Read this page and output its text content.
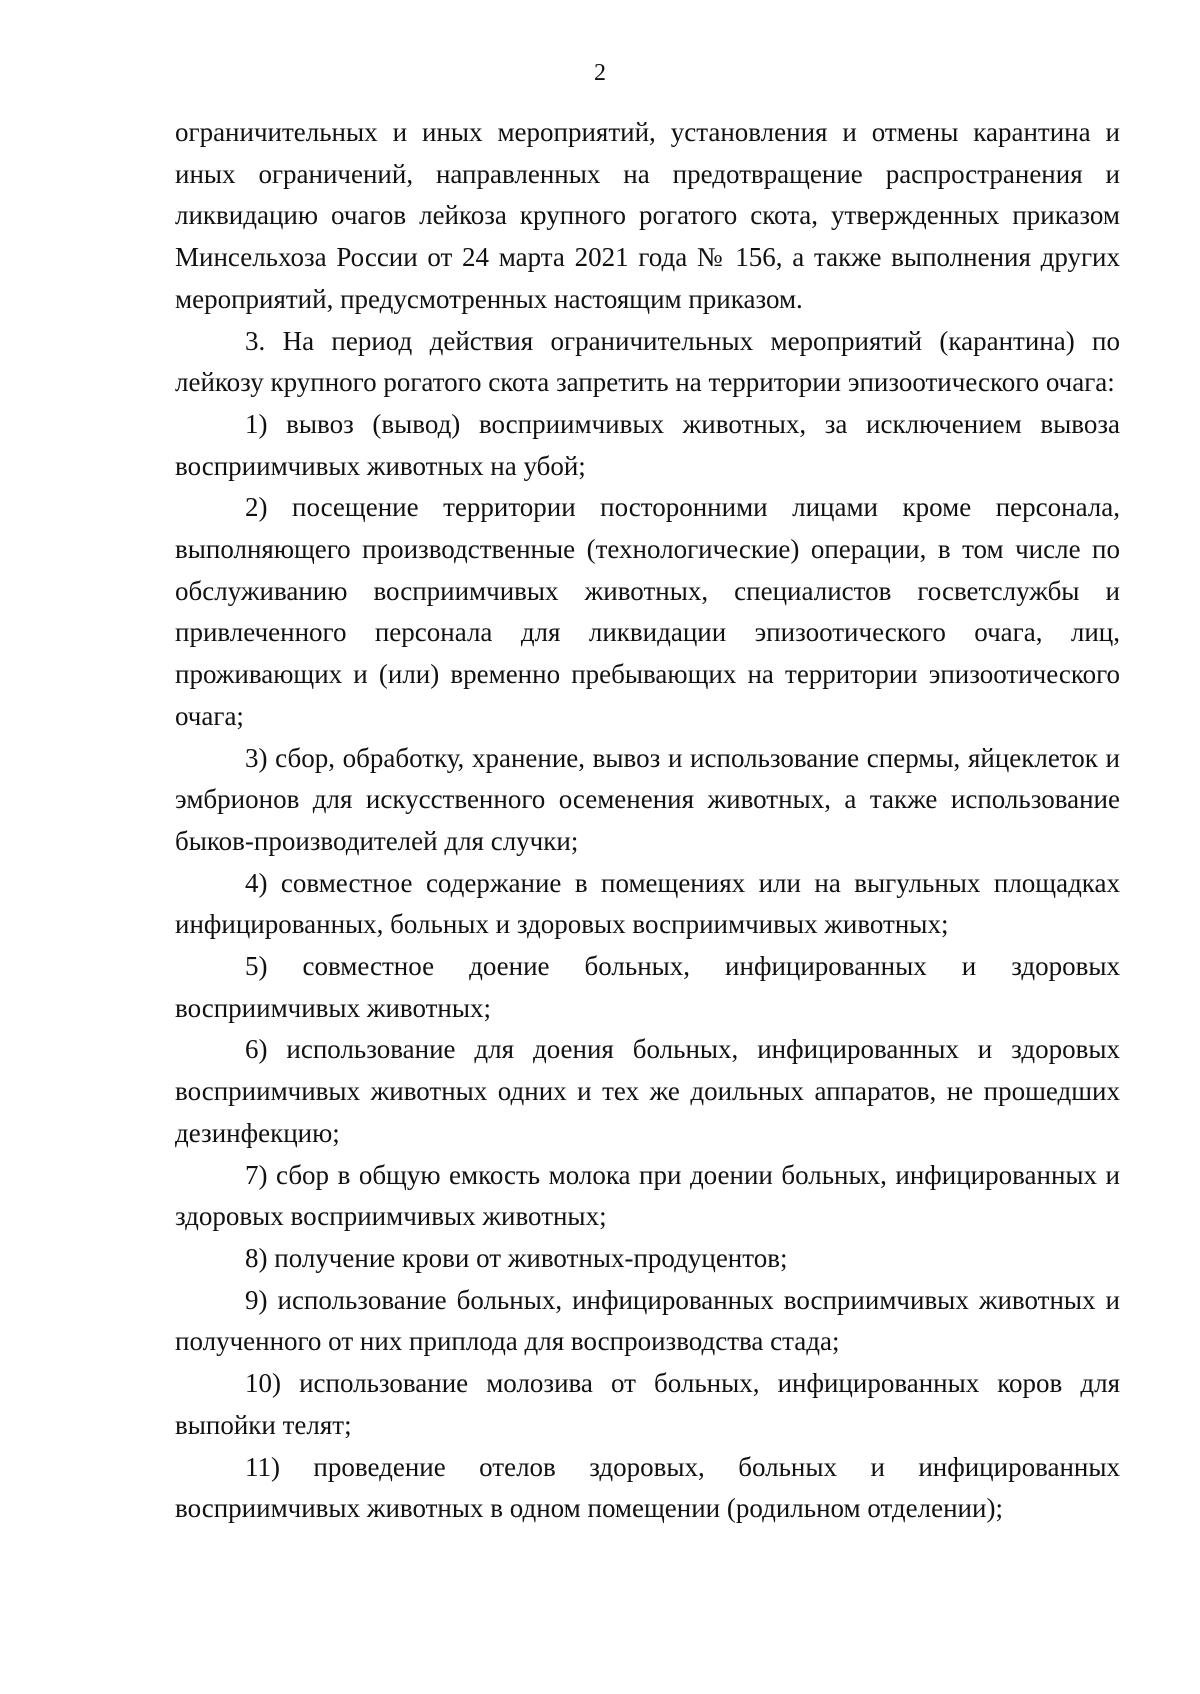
2

ограничительных и иных мероприятий, установления и отмены карантина и иных ограничений, направленных на предотвращение распространения и ликвидацию очагов лейкоза крупного рогатого скота, утвержденных приказом Минсельхоза России от 24 марта 2021 года № 156, а также выполнения других мероприятий, предусмотренных настоящим приказом.

3. На период действия ограничительных мероприятий (карантина) по лейкозу крупного рогатого скота запретить на территории эпизоотического очага:

1) вывоз (вывод) восприимчивых животных, за исключением вывоза восприимчивых животных на убой;

2) посещение территории посторонними лицами кроме персонала, выполняющего производственные (технологические) операции, в том числе по обслуживанию восприимчивых животных, специалистов госветслужбы и привлеченного персонала для ликвидации эпизоотического очага, лиц, проживающих и (или) временно пребывающих на территории эпизоотического очага;

3) сбор, обработку, хранение, вывоз и использование спермы, яйцеклеток и эмбрионов для искусственного осеменения животных, а также использование быков-производителей для случки;

4) совместное содержание в помещениях или на выгульных площадках инфицированных, больных и здоровых восприимчивых животных;

5) совместное доение больных, инфицированных и здоровых восприимчивых животных;

6) использование для доения больных, инфицированных и здоровых восприимчивых животных одних и тех же доильных аппаратов, не прошедших дезинфекцию;

7) сбор в общую емкость молока при доении больных, инфицированных и здоровых восприимчивых животных;

8) получение крови от животных-продуцентов;

9) использование больных, инфицированных восприимчивых животных и полученного от них приплода для воспроизводства стада;

10) использование молозива от больных, инфицированных коров для выпойки телят;

11) проведение отелов здоровых, больных и инфицированных восприимчивых животных в одном помещении (родильном отделении);
